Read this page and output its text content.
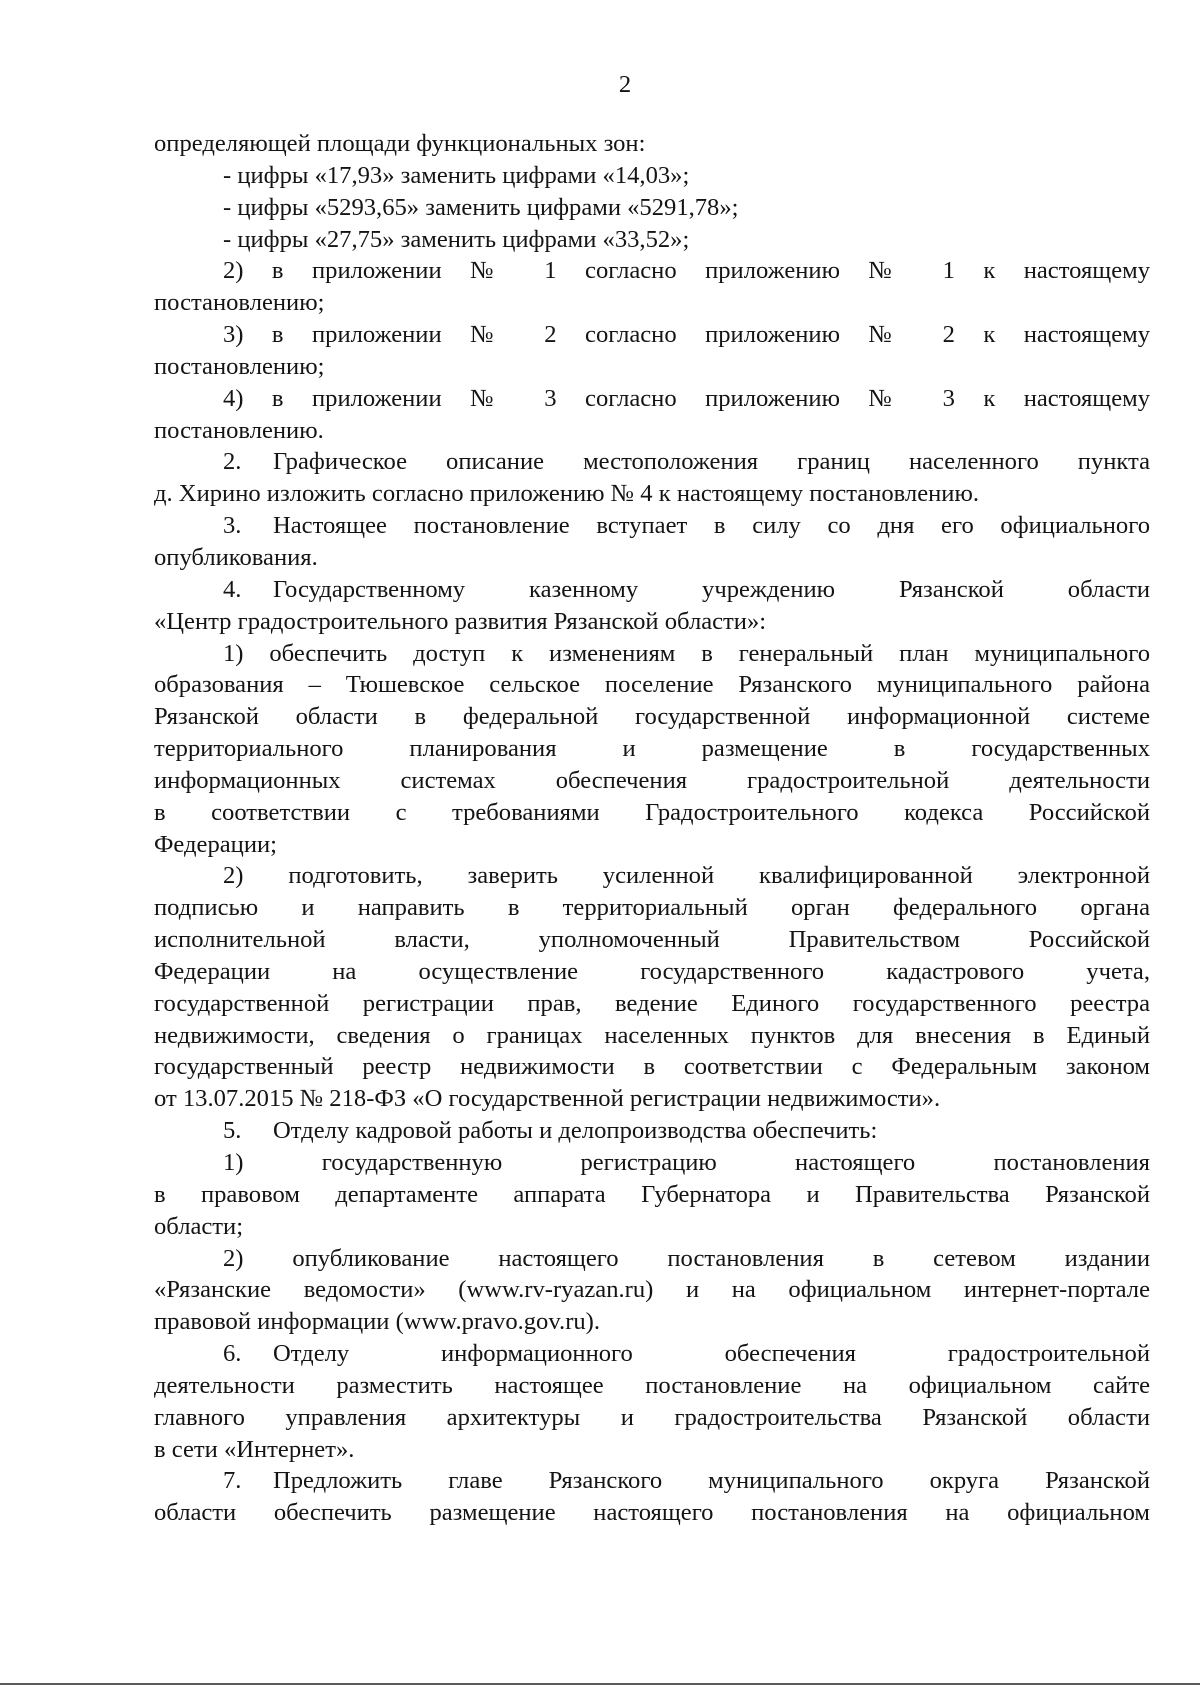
2

определяющей площади функциональных зон:

- цифры «17,93» заменить цифрами «14,03»;

- цифры «5293,65» заменить цифрами «5291,78»;

- цифры «27,75» заменить цифрами «33,52»;

2) в приложении № 1 согласно приложению № 1 к настоящему

постановлению;

3) в приложении № 2 согласно приложению № 2 к настоящему

постановлению;

4) в приложении № 3 согласно приложению № 3 к настоящему

постановлению.

2. Графическое описание местоположения границ населенного пункта

д. Хирино изложить согласно приложению № 4 к настоящему постановлению.

3. Настоящее постановление вступает в силу со дня его официального

опубликования.

4. Государственному казенному учреждению Рязанской области

«Центр градостроительного развития Рязанской области»:

1) обеспечить доступ к изменениям в генеральный план муниципального

образования – Тюшевское сельское поселение Рязанского муниципального района

Рязанской области в федеральной государственной информационной системе

территориального планирования и размещение в государственных

информационных системах обеспечения градостроительной деятельности

в соответствии с требованиями Градостроительного кодекса Российской

Федерации;

2) подготовить, заверить усиленной квалифицированной электронной

подписью и направить в территориальный орган федерального органа

исполнительной власти, уполномоченный Правительством Российской

Федерации на осуществление государственного кадастрового учета,

государственной регистрации прав, ведение Единого государственного реестра

недвижимости, сведения о границах населенных пунктов для внесения в Единый

государственный реестр недвижимости в соответствии с Федеральным законом

от 13.07.2015 № 218-ФЗ «О государственной регистрации недвижимости».

5. Отделу кадровой работы и делопроизводства обеспечить:

1) государственную регистрацию настоящего постановления

в правовом департаменте аппарата Губернатора и Правительства Рязанской

области;

2) опубликование настоящего постановления в сетевом издании

«Рязанские ведомости» (www.rv-ryazan.ru) и на официальном интернет-портале

правовой информации (www.pravo.gov.ru).

6. Отделу информационного обеспечения градостроительной

деятельности разместить настоящее постановление на официальном сайте

главного управления архитектуры и градостроительства Рязанской области

в сети «Интернет».

7. Предложить главе Рязанского муниципального округа Рязанской

области обеспечить размещение настоящего постановления на официальном
